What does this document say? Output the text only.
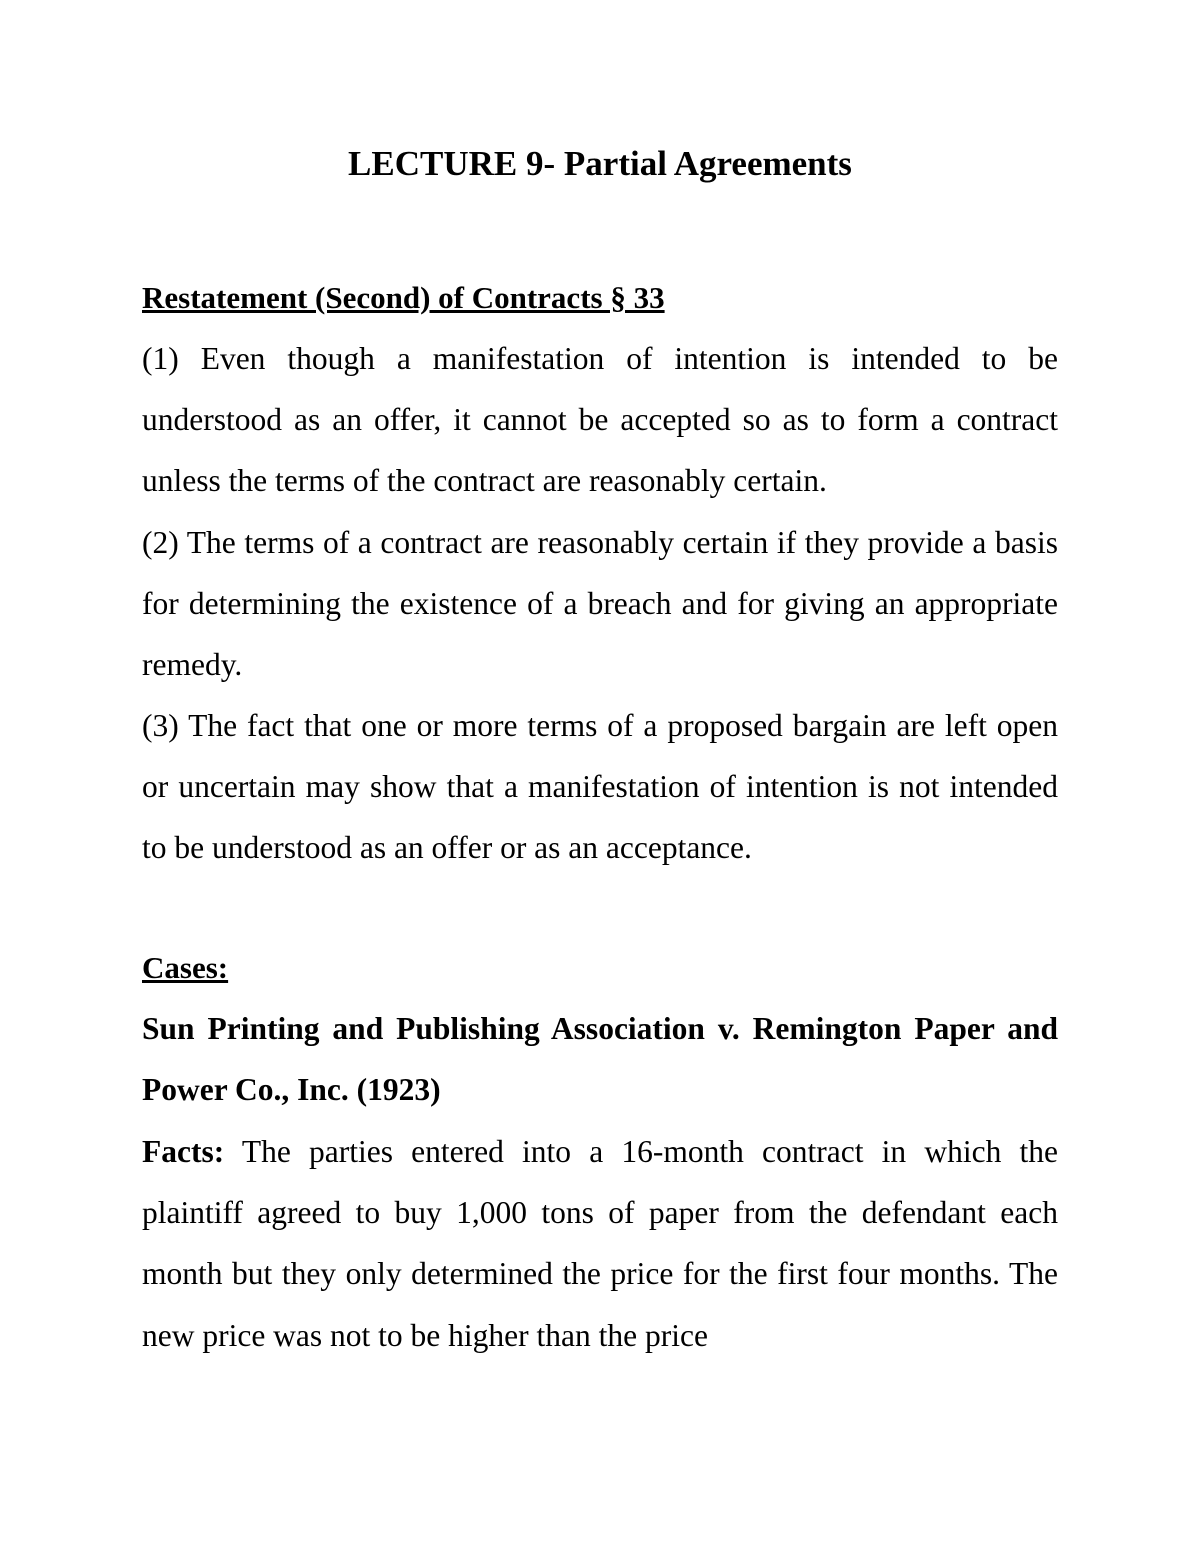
LECTURE 9- Partial Agreements
Restatement (Second) of Contracts § 33

(1) Even though a manifestation of intention is intended to be understood as an offer, it cannot be accepted so as to form a contract unless the terms of the contract are reasonably certain.

(2) The terms of a contract are reasonably certain if they provide a basis for determining the existence of a breach and for giving an appropriate remedy.

(3) The fact that one or more terms of a proposed bargain are left open or uncertain may show that a manifestation of intention is not intended to be understood as an offer or as an acceptance.

Cases:

Sun Printing and Publishing Association v. Remington Paper and Power Co., Inc. (1923)

Facts: The parties entered into a 16-month contract in which the plaintiff agreed to buy 1,000 tons of paper from the defendant each month but they only determined the price for the first four months. The new price was not to be higher than the price
